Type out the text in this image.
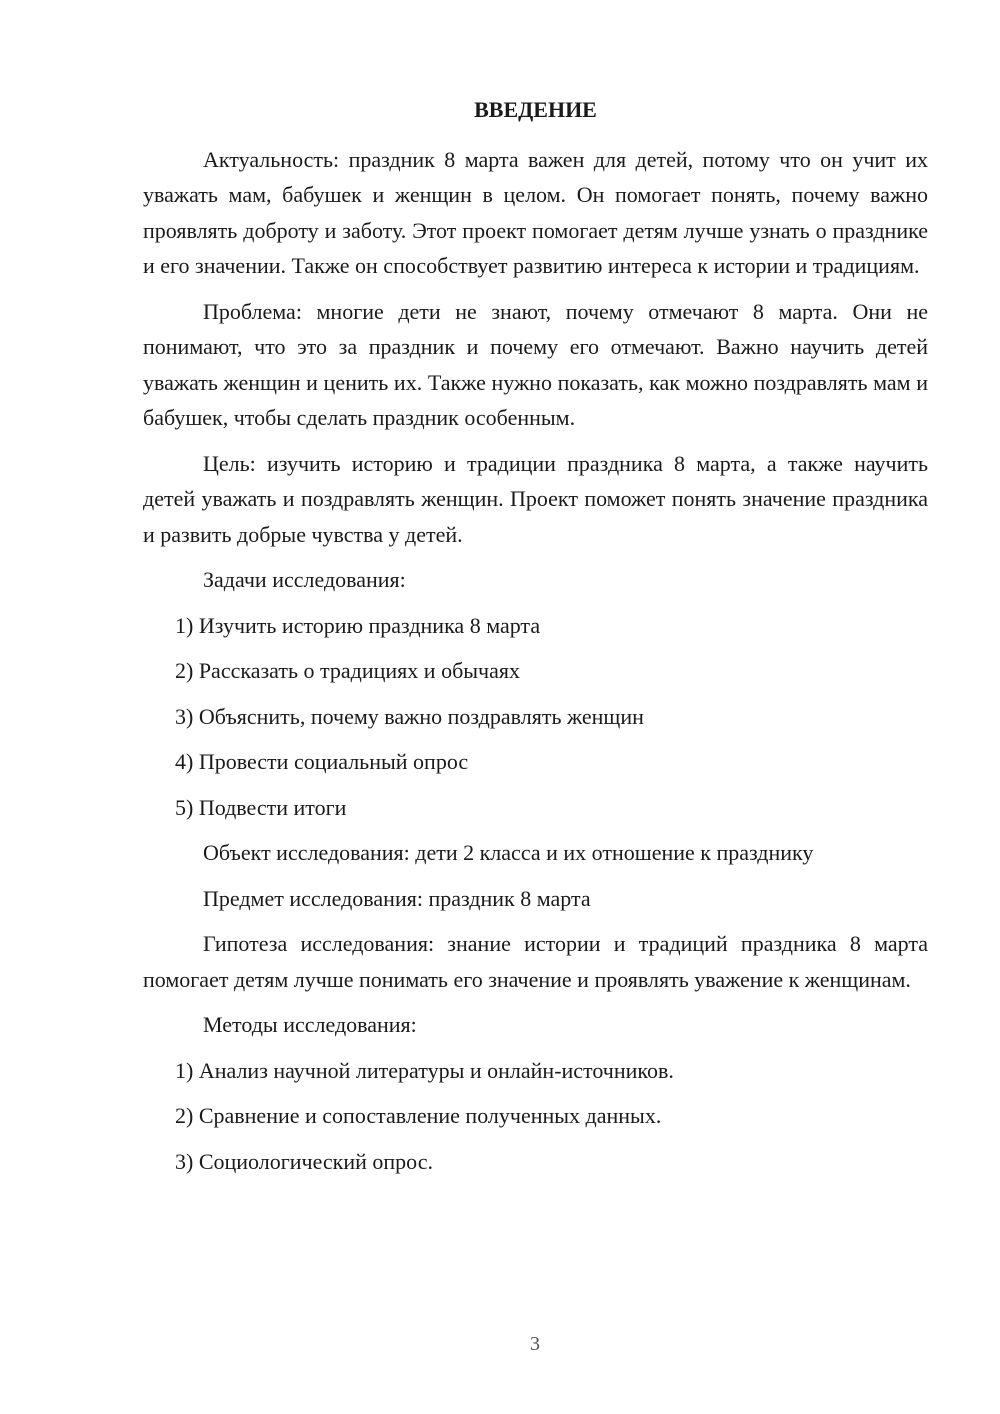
ВВЕДЕНИЕ

Актуальность: праздник 8 марта важен для детей, потому что он учит их уважать мам, бабушек и женщин в целом. Он помогает понять, почему важно проявлять доброту и заботу. Этот проект помогает детям лучше узнать о празднике и его значении. Также он способствует развитию интереса к истории и традициям.

Проблема: многие дети не знают, почему отмечают 8 марта. Они не понимают, что это за праздник и почему его отмечают. Важно научить детей уважать женщин и ценить их. Также нужно показать, как можно поздравлять мам и бабушек, чтобы сделать праздник особенным.

Цель: изучить историю и традиции праздника 8 марта, а также научить детей уважать и поздравлять женщин. Проект поможет понять значение праздника и развить добрые чувства у детей.

Задачи исследования:
1) Изучить историю праздника 8 марта
2) Рассказать о традициях и обычаях
3) Объяснить, почему важно поздравлять женщин
4) Провести социальный опрос
5) Подвести итоги
Объект исследования: дети 2 класса и их отношение к празднику
Предмет исследования: праздник 8 марта

Гипотеза исследования: знание истории и традиций праздника 8 марта помогает детям лучше понимать его значение и проявлять уважение к женщинам.

Методы исследования:
1) Анализ научной литературы и онлайн-источников.
2) Сравнение и сопоставление полученных данных.
3) Социологический опрос.
3
